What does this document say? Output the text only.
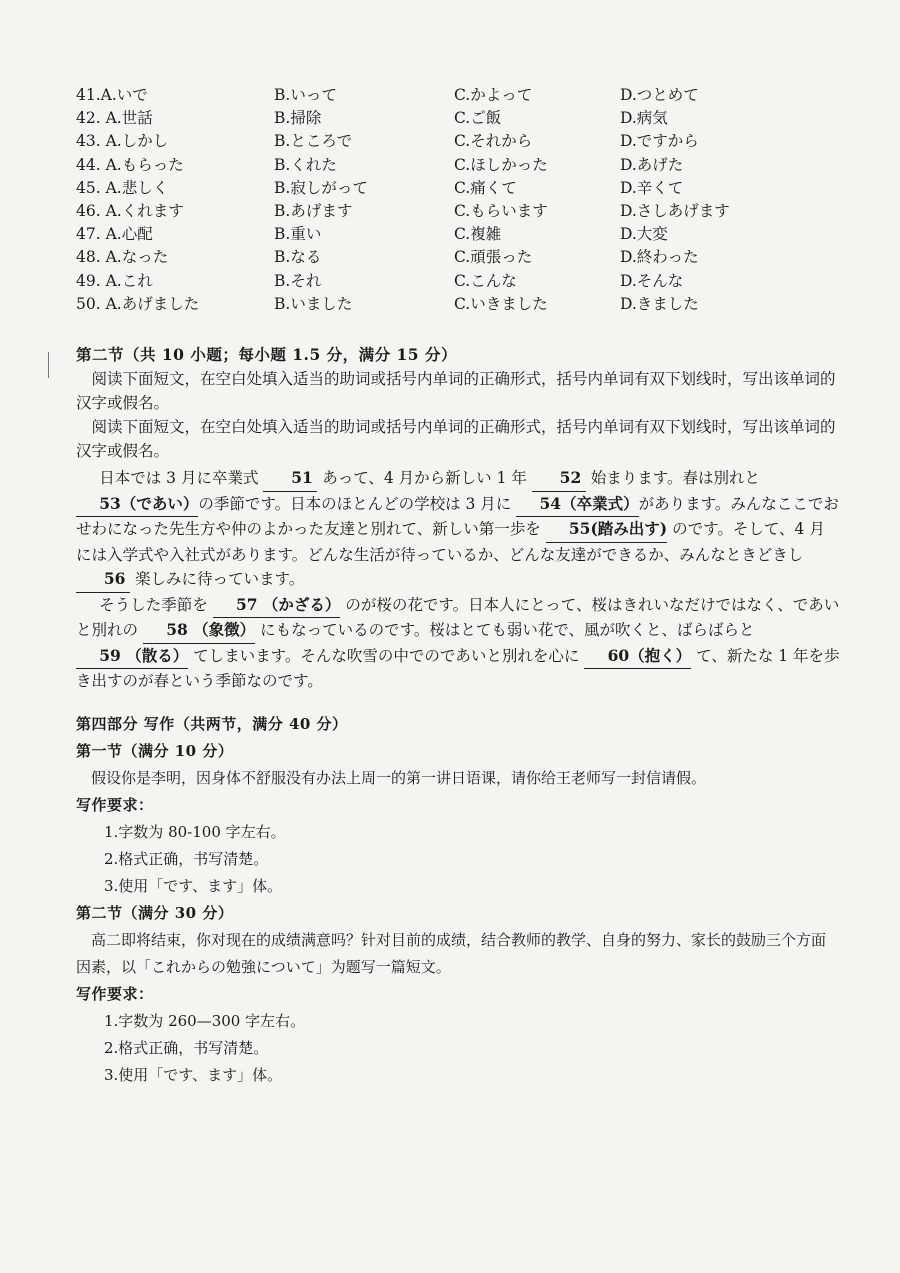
41.A.いで	B.いって	C.かよって	D.つとめて
42. A.世話	B.掃除	C.ご飯	D.病気
43. A.しかし	B.ところで	C.それから	D.ですから
44. A.もらった	B.くれた	C.ほしかった	D.あげた
45. A.悲しく	B.寂しがって	C.痛くて	D.辛くて
46. A.くれます	B.あげます	C.もらいます	D.さしあげます
47. A.心配	B.重い	C.複雑	D.大変
48. A.なった	B.なる	C.頑張った	D.終わった
49. A.これ	B.それ	C.こんな	D.そんな
50. A.あげました	B.いました	C.いきました	D.きました
第二节（共 10 小题；每小题 1.5 分，满分 15 分）

阅读下面短文，在空白处填入适当的助词或括号内单词的正确形式，括号内单词有双下划线时，写出该单词的汉字或假名。

阅读下面短文，在空白处填入适当的助词或括号内单词的正确形式，括号内单词有双下划线时，写出该单词的汉字或假名。

日本では 3 月に卒業式 51 あって、4 月から新しい 1 年 52 始まります。春は別れと 53（であい）の季節です。日本のほとんどの学校は 3 月に 54（卒業式）があります。みんなここでおせわになった先生方や仲のよかった友達と別れて、新しい第一歩を 55(踏み出す) のです。そして、4 月には入学式や入社式があります。どんな生活が待っているか、どんな友達ができるか、みんなときどきし 56 楽しみに待っています。

そうした季節を 57 （かざる） のが桜の花です。日本人にとって、桜はきれいなだけではなく、であいと別れの 58 （象徴） にもなっているのです。桜はとても弱い花で、風が吹くと、ばらばらと 59 （散る） てしまいます。そんな吹雪の中でのであいと別れを心に 60（抱く） て、新たな 1 年を歩き出すのが春という季節なのです。

第四部分 写作（共两节，满分 40 分）
第一节（满分 10 分）

假设你是李明，因身体不舒服没有办法上周一的第一讲日语课，请你给王老师写一封信请假。

写作要求：
1.字数为 80-100 字左右。
2.格式正确，书写清楚。
3.使用「です、ます」体。
第二节（满分 30 分）

高二即将结束，你对现在的成绩满意吗？针对目前的成绩，结合教师的教学、自身的努力、家长的鼓励三个方面因素，以「これからの勉強について」为题写一篇短文。

写作要求：
1.字数为 260—300 字左右。
2.格式正确，书写清楚。
3.使用「です、ます」体。
